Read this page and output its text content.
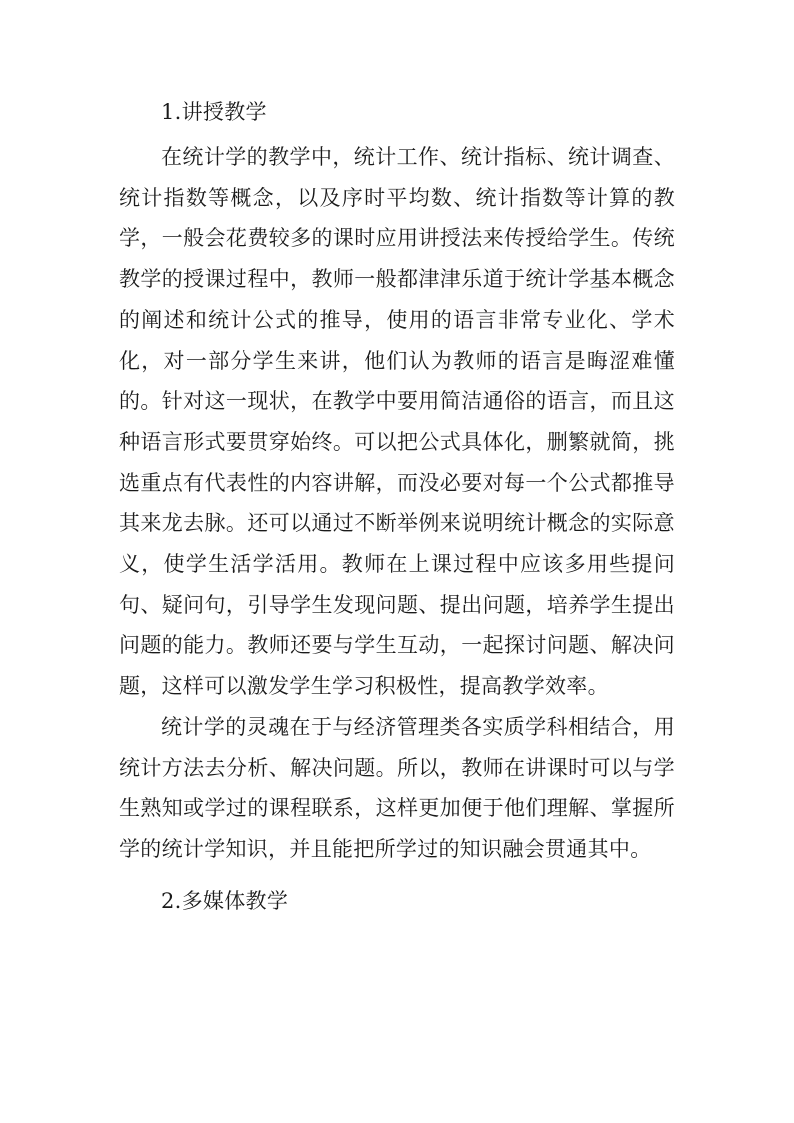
1.讲授教学

在统计学的教学中，统计工作、统计指标、统计调查、统计指数等概念，以及序时平均数、统计指数等计算的教学，一般会花费较多的课时应用讲授法来传授给学生。传统教学的授课过程中，教师一般都津津乐道于统计学基本概念的阐述和统计公式的推导，使用的语言非常专业化、学术化，对一部分学生来讲，他们认为教师的语言是晦涩难懂的。针对这一现状，在教学中要用简洁通俗的语言，而且这种语言形式要贯穿始终。可以把公式具体化，删繁就简，挑选重点有代表性的内容讲解，而没必要对每一个公式都推导其来龙去脉。还可以通过不断举例来说明统计概念的实际意义，使学生活学活用。教师在上课过程中应该多用些提问句、疑问句，引导学生发现问题、提出问题，培养学生提出问题的能力。教师还要与学生互动，一起探讨问题、解决问题，这样可以激发学生学习积极性，提高教学效率。

统计学的灵魂在于与经济管理类各实质学科相结合，用统计方法去分析、解决问题。所以，教师在讲课时可以与学生熟知或学过的课程联系，这样更加便于他们理解、掌握所学的统计学知识，并且能把所学过的知识融会贯通其中。

2.多媒体教学
